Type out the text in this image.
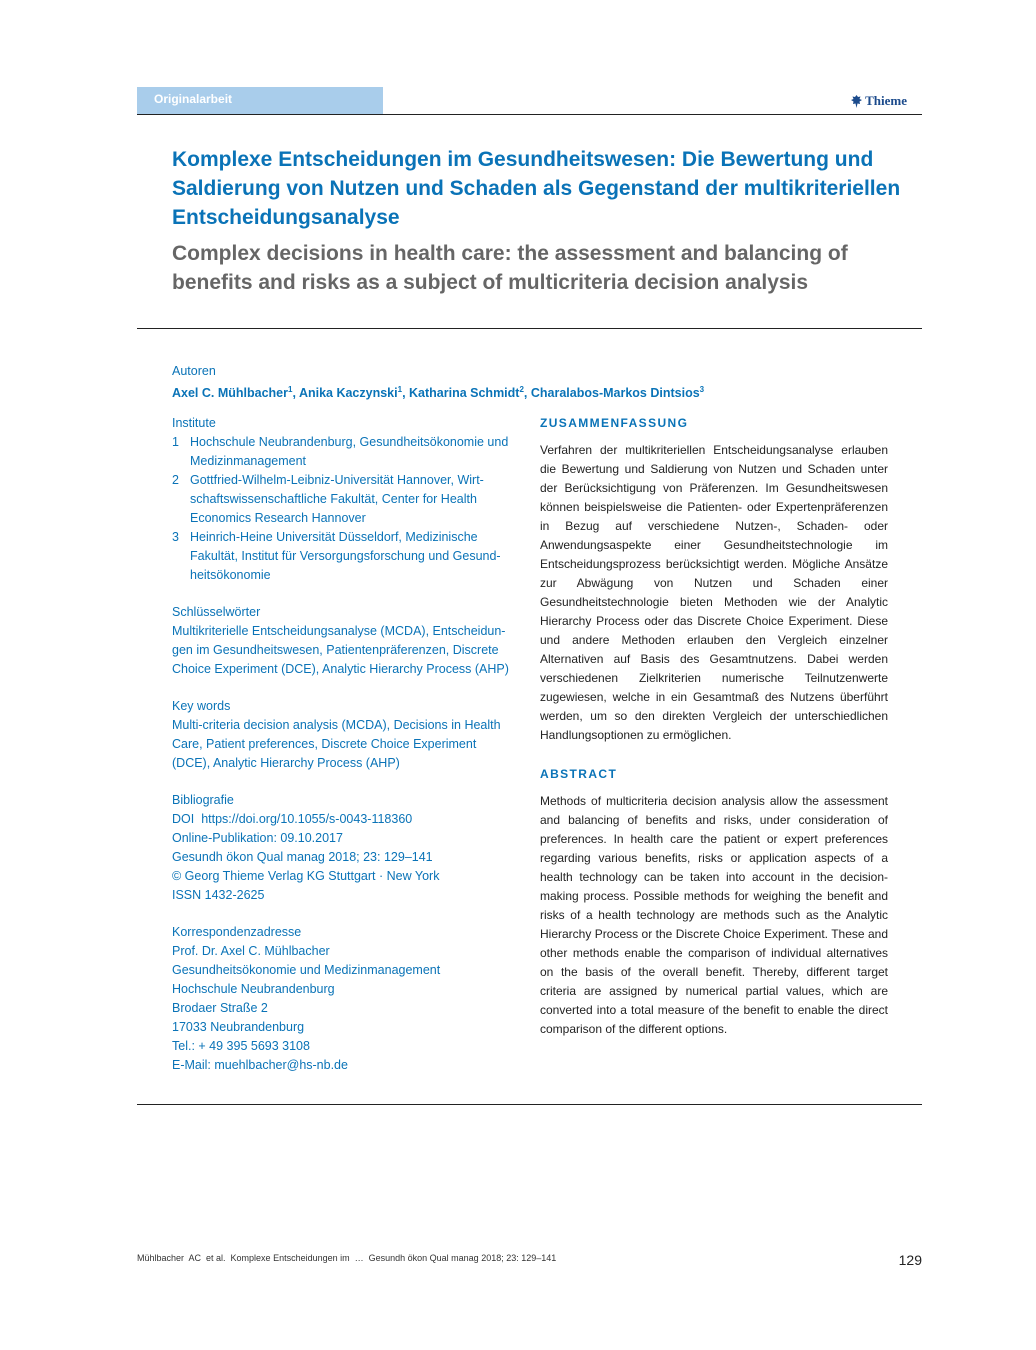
Originalarbeit	Thieme
Komplexe Entscheidungen im Gesundheitswesen: Die Bewertung und Saldierung von Nutzen und Schaden als Gegenstand der multikriteriellen Entscheidungsanalyse
Complex decisions in health care: the assessment and balancing of benefits and risks as a subject of multicriteria decision analysis
Autoren
Axel C. Mühlbacher$^1$, Anika Kaczynski$^1$, Katharina Schmidt$^2$, Charalabos-Markos Dintsios$^3$
Institute
1 Hochschule Neubrandenburg, Gesundheitsökonomie und
Medizinmanagement
2 Gottfried-Wilhelm-Leibniz-Universität Hannover, Wirt-
schaftswissenschaftliche Fakultät, Center for Health
Economics Research Hannover
3 Heinrich-Heine Universität Düsseldorf, Medizinische
Fakultät, Institut für Versorgungsforschung und Gesund-
heitsökonomie
Schlüsselwörter
Multikriterielle Entscheidungsanalyse (MCDA), Entscheidun-
gen im Gesundheitswesen, Patientenpräferenzen, Discrete
Choice Experiment (DCE), Analytic Hierarchy Process (AHP)
Key words
Multi-criteria decision analysis (MCDA), Decisions in Health
Care, Patient preferences, Discrete Choice Experiment
(DCE), Analytic Hierarchy Process (AHP)
Bibliografie
DOI https://doi.org/10.1055/s-0043-118360
Online-Publikation: 09.10.2017
Gesundh ökon Qual manag 2018; 23: 129–141
© Georg Thieme Verlag KG Stuttgart · New York
ISSN 1432-2625
Korrespondenzadresse
Prof. Dr. Axel C. Mühlbacher
Gesundheitsökonomie und Medizinmanagement
Hochschule Neubrandenburg
Brodaer Straße 2
17033 Neubrandenburg
Tel.: + 49 395 5693 3108
E-Mail: muehlbacher@hs-nb.de
ZUSAMMENFASSUNG

Verfahren der multikriteriellen Entscheidungsanalyse erlauben die Bewertung und Saldierung von Nutzen und Schaden unter der Berücksichtigung von Präferenzen. Im Gesundheitswesen können beispielsweise die Patienten- oder Expertenpräferenzen in Bezug auf verschiedene Nutzen-, Schaden- oder Anwendungsaspekte einer Gesundheitstechnologie im Entscheidungsprozess berücksichtigt werden. Mögliche Ansätze zur Abwägung von Nutzen und Schaden einer Gesundheitstechnologie bieten Methoden wie der Analytic Hierarchy Process oder das Discrete Choice Experiment. Diese und andere Methoden erlauben den Vergleich einzelner Alternativen auf Basis des Gesamtnutzens. Dabei werden verschiedenen Zielkriterien numerische Teilnutzenwerte zugewiesen, welche in ein Gesamtmaß des Nutzens überführt werden, um so den direkten Vergleich der unterschiedlichen Handlungsoptionen zu ermöglichen.

ABSTRACT

Methods of multicriteria decision analysis allow the assessment and balancing of benefits and risks, under consideration of preferences. In health care the patient or expert preferences regarding various benefits, risks or application aspects of a health technology can be taken into account in the decision-making process. Possible methods for weighing the benefit and risks of a health technology are methods such as the Analytic Hierarchy Process or the Discrete Choice Experiment. These and other methods enable the comparison of individual alternatives on the basis of the overall benefit. Thereby, different target criteria are assigned by numerical partial values, which are converted into a total measure of the benefit to enable the direct comparison of the different options.

Mühlbacher  AC  et al.  Komplexe Entscheidungen im  …  Gesundh ökon Qual manag 2018; 23: 129–141	129
